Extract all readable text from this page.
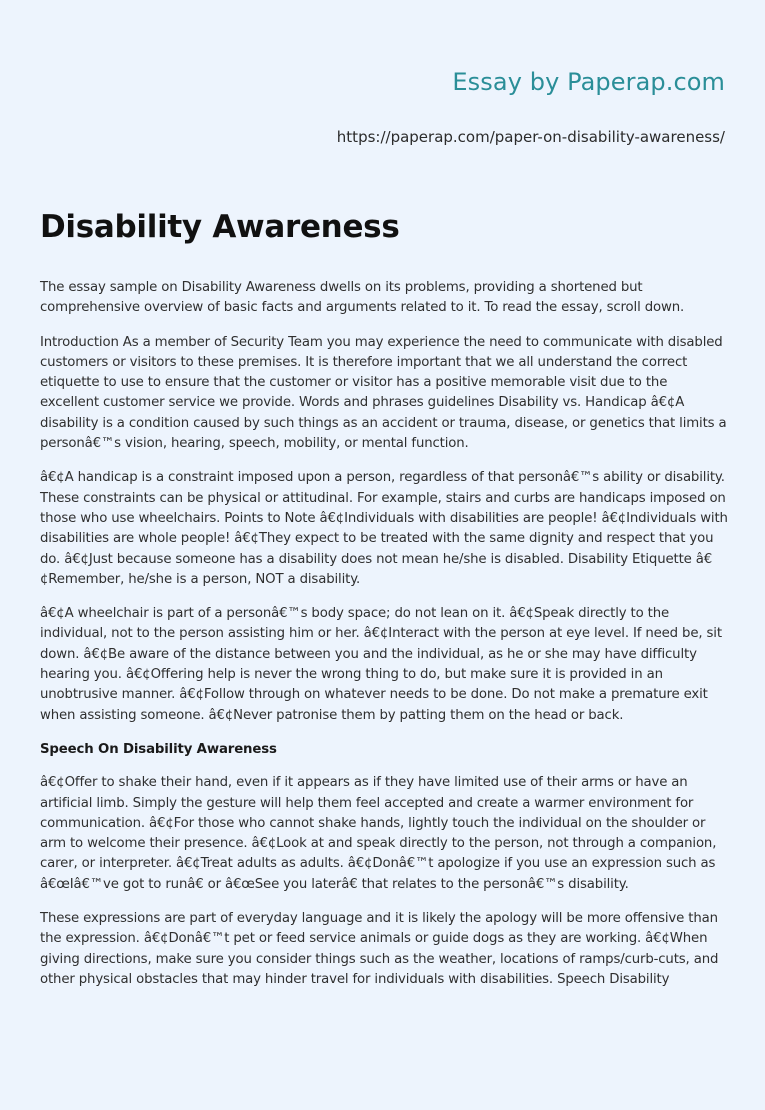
Essay by Paperap.com
https://paperap.com/paper-on-disability-awareness/
Disability Awareness

The essay sample on Disability Awareness dwells on its problems, providing a shortened but comprehensive overview of basic facts and arguments related to it. To read the essay, scroll down.

Introduction As a member of Security Team you may experience the need to communicate with disabled customers or visitors to these premises. It is therefore important that we all understand the correct etiquette to use to ensure that the customer or visitor has a positive memorable visit due to the excellent customer service we provide. Words and phrases guidelines Disability vs. Handicap â€¢A disability is a condition caused by such things as an accident or trauma, disease, or genetics that limits a personâ€™s vision, hearing, speech, mobility, or mental function.

â€¢A handicap is a constraint imposed upon a person, regardless of that personâ€™s ability or disability. These constraints can be physical or attitudinal. For example, stairs and curbs are handicaps imposed on those who use wheelchairs. Points to Note â€¢Individuals with disabilities are people! â€¢Individuals with disabilities are whole people! â€¢They expect to be treated with the same dignity and respect that you do. â€¢Just because someone has a disability does not mean he/she is disabled. Disability Etiquette â€¢Remember, he/she is a person, NOT a disability.

â€¢A wheelchair is part of a personâ€™s body space; do not lean on it. â€¢Speak directly to the individual, not to the person assisting him or her. â€¢Interact with the person at eye level. If need be, sit down. â€¢Be aware of the distance between you and the individual, as he or she may have difficulty hearing you. â€¢Offering help is never the wrong thing to do, but make sure it is provided in an unobtrusive manner. â€¢Follow through on whatever needs to be done. Do not make a premature exit when assisting someone. â€¢Never patronise them by patting them on the head or back.

Speech On Disability Awareness

â€¢Offer to shake their hand, even if it appears as if they have limited use of their arms or have an artificial limb. Simply the gesture will help them feel accepted and create a warmer environment for communication. â€¢For those who cannot shake hands, lightly touch the individual on the shoulder or arm to welcome their presence. â€¢Look at and speak directly to the person, not through a companion, carer, or interpreter. â€¢Treat adults as adults. â€¢Donâ€™t apologize if you use an expression such as â€œIâ€™ve got to runâ€ or â€œSee you laterâ€ that relates to the personâ€™s disability.

These expressions are part of everyday language and it is likely the apology will be more offensive than the expression. â€¢Donâ€™t pet or feed service animals or guide dogs as they are working. â€¢When giving directions, make sure you consider things such as the weather, locations of ramps/curb-cuts, and other physical obstacles that may hinder travel for individuals with disabilities. Speech Disability
